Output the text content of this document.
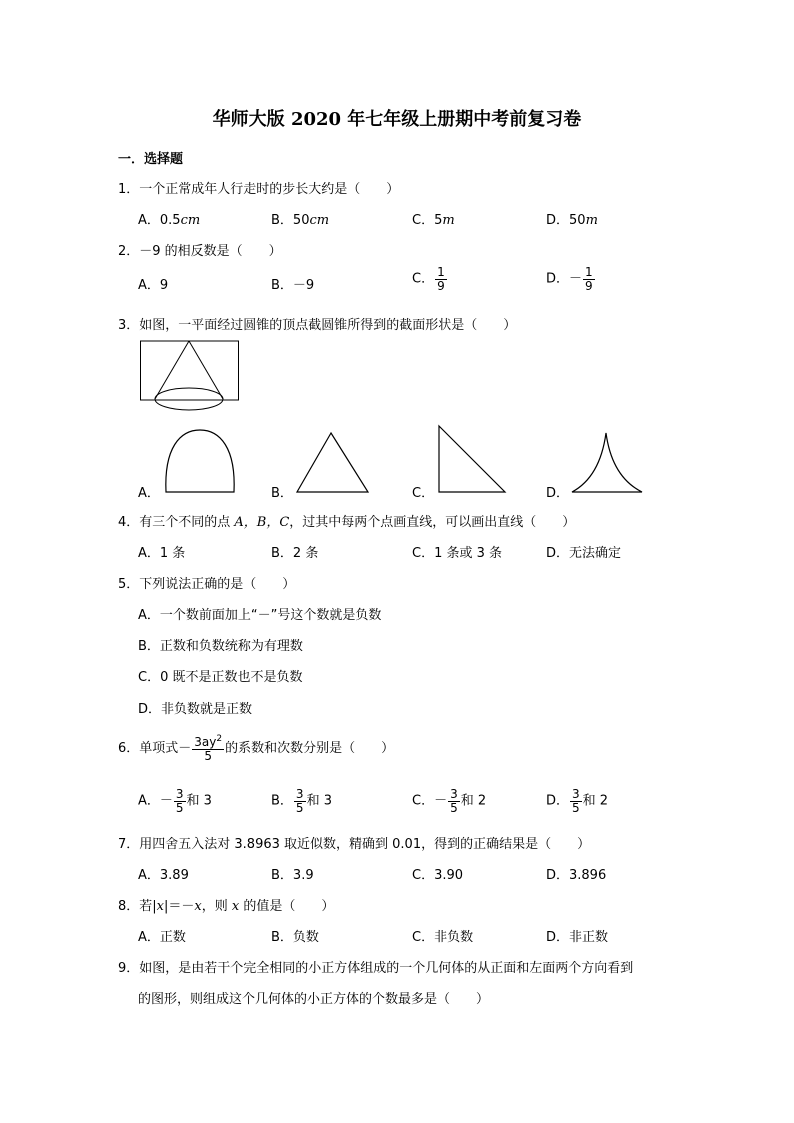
华师大版 2020 年七年级上册期中考前复习卷
一．选择题
1．一个正常成年人行走时的步长大约是（　　）
A．0.5cm	B．50cm	C．5m	D．50m
2．－9 的相反数是（　　）
A．9	B．－9	C． $\frac{1}{9}$	D．－ $\frac{1}{9}$
3．如图，一平面经过圆锥的顶点截圆锥所得到的截面形状是（　　）
A．	B．	C．	D．
4．有三个不同的点 A，B，C，过其中每两个点画直线，可以画出直线（　　）
A．1 条	B．2 条	C．1 条或 3 条	D．无法确定
5．下列说法正确的是（　　）
A．一个数前面加上“－”号这个数就是负数
B．正数和负数统称为有理数
C．0 既不是正数也不是负数
D．非负数就是正数
6．单项式－ $\frac{3ay^2}{5}$ 的系数和次数分别是（　　）
A．－ $\frac{3}{5}$ 和 3	B． $\frac{3}{5}$ 和 3	C．－ $\frac{3}{5}$ 和 2	D． $\frac{3}{5}$ 和 2
7．用四舍五入法对 3.8963 取近似数，精确到 0.01，得到的正确结果是（　　）
A．3.89	B．3.9	C．3.90	D．3.896
8．若|x|＝－x，则 x 的值是（　　）
A．正数	B．负数	C．非负数	D．非正数
9．如图，是由若干个完全相同的小正方体组成的一个几何体的从正面和左面两个方向看到
的图形，则组成这个几何体的小正方体的个数最多是（　　）
